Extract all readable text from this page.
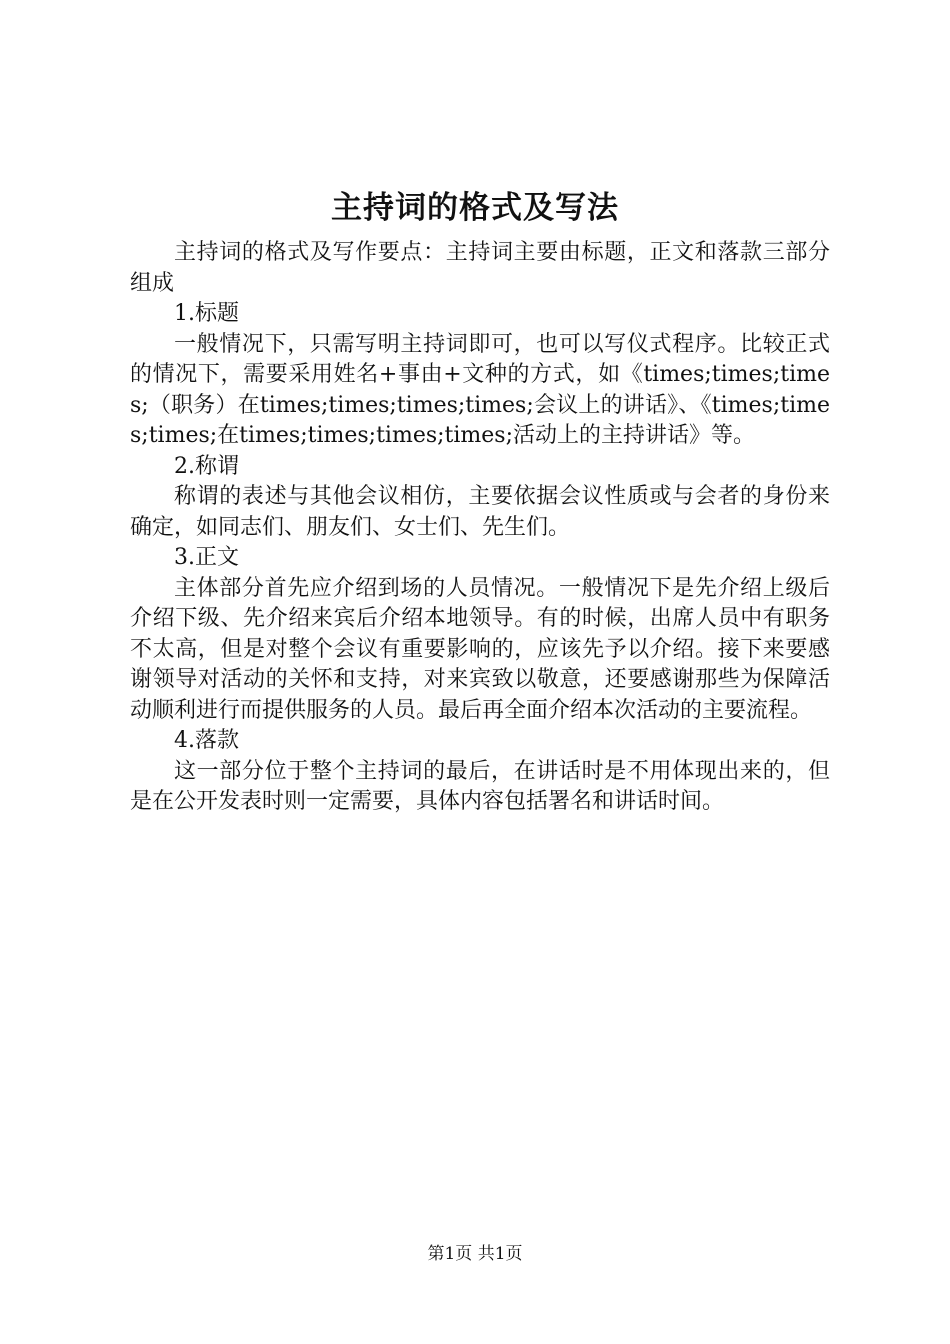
主持词的格式及写法

主持词的格式及写作要点：主持词主要由标题，正文和落款三部分组成

1.标题

一般情况下，只需写明主持词即可，也可以写仪式程序。比较正式的情况下，需要采用姓名+事由+文种的方式，如《times;times;times;（职务）在times;times;times;times;会议上的讲话》、《times;times;times;在times;times;times;times;活动上的主持讲话》等。

2.称谓

称谓的表述与其他会议相仿，主要依据会议性质或与会者的身份来确定，如同志们、朋友们、女士们、先生们。

3.正文

主体部分首先应介绍到场的人员情况。一般情况下是先介绍上级后介绍下级、先介绍来宾后介绍本地领导。有的时候，出席人员中有职务不太高，但是对整个会议有重要影响的，应该先予以介绍。接下来要感谢领导对活动的关怀和支持，对来宾致以敬意，还要感谢那些为保障活动顺利进行而提供服务的人员。最后再全面介绍本次活动的主要流程。

4.落款

这一部分位于整个主持词的最后，在讲话时是不用体现出来的，但是在公开发表时则一定需要，具体内容包括署名和讲话时间。

第1页 共1页
